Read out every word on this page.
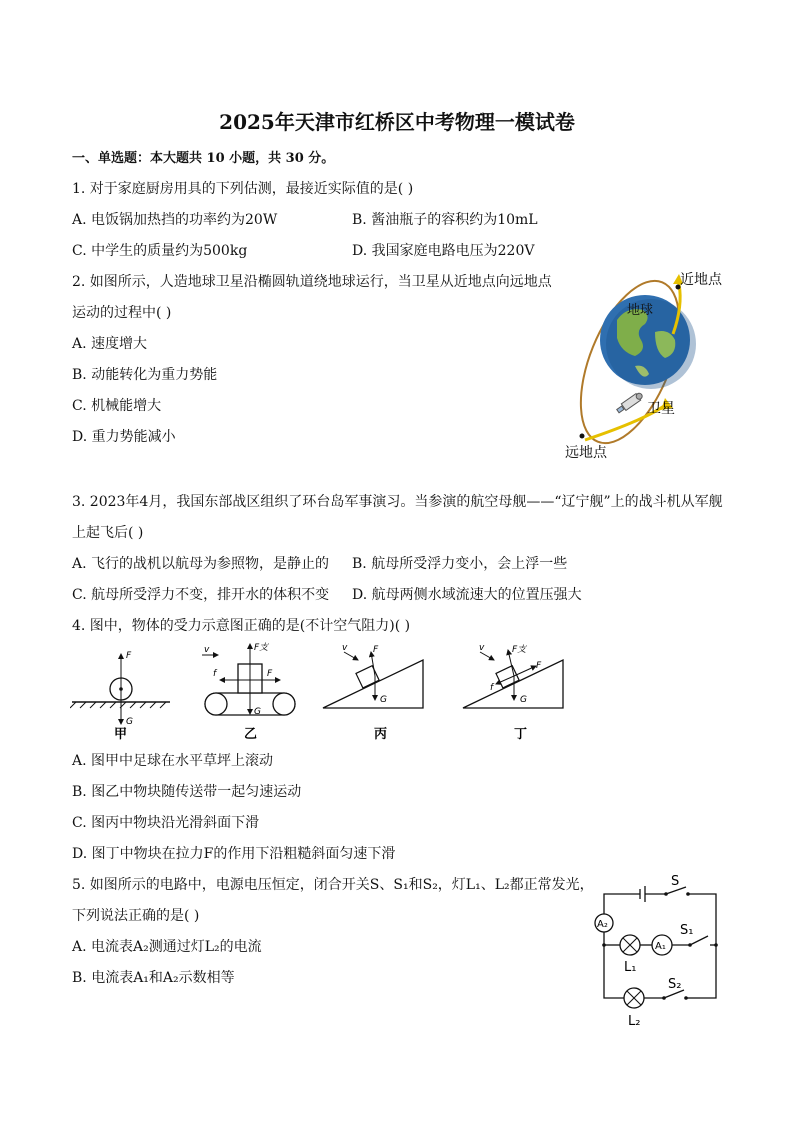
2025年天津市红桥区中考物理一模试卷
一、单选题：本大题共 10 小题，共 30 分。
1. 对于家庭厨房用具的下列估测，最接近实际值的是( )
A. 电饭锅加热挡的功率约为20W	B. 酱油瓶子的容积约为10mL
C. 中学生的质量约为500kg	D. 我国家庭电路电压为220V
2. 如图所示，人造地球卫星沿椭圆轨道绕地球运行，当卫星从近地点向远地点
运动的过程中( )
A. 速度增大
B. 动能转化为重力势能
C. 机械能增大
D. 重力势能减小
近地点
远地点
地球
卫星
3. 2023年4月，我国东部战区组织了环台岛军事演习。当参演的航空母舰——“辽宁舰”上的战斗机从军舰
上起飞后( )
A. 飞行的战机以航母为参照物，是静止的 B. 航母所受浮力变小，会上浮一些
C. 航母所受浮力不变，排开水的体积不变 D. 航母两侧水域流速大的位置压强大
4. 图中，物体的受力示意图正确的是(不计空气阻力)( )
F
G
甲
v	F支
F
f
G
乙
v	F
G
丙
v	F支
F
f
G
丁
A. 图甲中足球在水平草坪上滚动
B. 图乙中物块随传送带一起匀速运动
C. 图丙中物块沿光滑斜面下滑
D. 图丁中物块在拉力F的作用下沿粗糙斜面匀速下滑
5. 如图所示的电路中，电源电压恒定，闭合开关S、S₁和S₂，灯L₁、L₂都正常发光，
下列说法正确的是( )
A. 电流表A₂测通过灯L₂的电流
B. 电流表A₁和A₂示数相等
A₂
A₁
S
S₁
S₂
L₁
L₂
